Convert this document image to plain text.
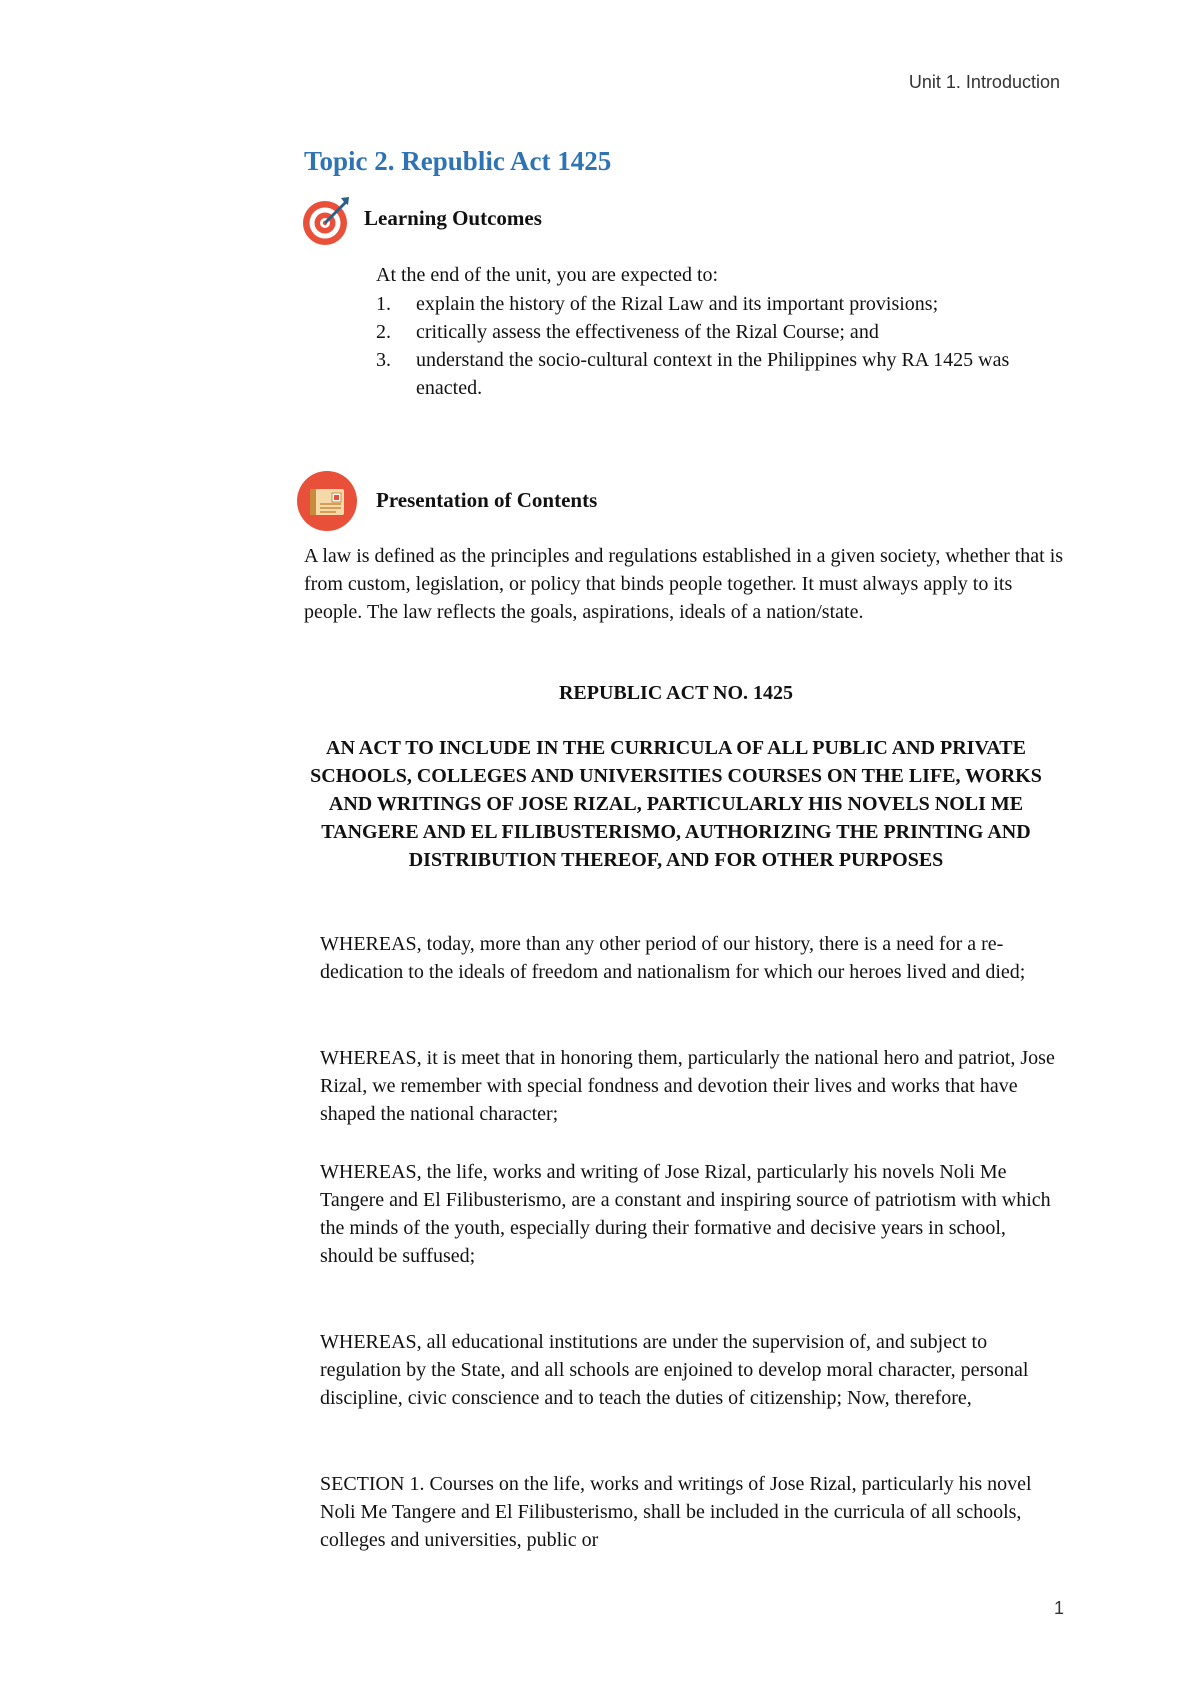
Unit 1. Introduction
Topic 2. Republic Act 1425
Learning Outcomes
At the end of the unit, you are expected to:
1. explain the history of the Rizal Law and its important provisions;
2. critically assess the effectiveness of the Rizal Course; and
3. understand the socio-cultural context in the Philippines why RA 1425 was enacted.
Presentation of Contents

A law is defined as the principles and regulations established in a given society, whether that is from custom, legislation, or policy that binds people together. It must always apply to its people. The law reflects the goals, aspirations, ideals of a nation/state.

REPUBLIC ACT NO. 1425
AN ACT TO INCLUDE IN THE CURRICULA OF ALL PUBLIC AND PRIVATE SCHOOLS, COLLEGES AND UNIVERSITIES COURSES ON THE LIFE, WORKS AND WRITINGS OF JOSE RIZAL, PARTICULARLY HIS NOVELS NOLI ME TANGERE AND EL FILIBUSTERISMO, AUTHORIZING THE PRINTING AND DISTRIBUTION THEREOF, AND FOR OTHER PURPOSES

WHEREAS, today, more than any other period of our history, there is a need for a re-dedication to the ideals of freedom and nationalism for which our heroes lived and died;

WHEREAS, it is meet that in honoring them, particularly the national hero and patriot, Jose Rizal, we remember with special fondness and devotion their lives and works that have shaped the national character;

WHEREAS, the life, works and writing of Jose Rizal, particularly his novels Noli Me Tangere and El Filibusterismo, are a constant and inspiring source of patriotism with which the minds of the youth, especially during their formative and decisive years in school, should be suffused;

WHEREAS, all educational institutions are under the supervision of, and subject to regulation by the State, and all schools are enjoined to develop moral character, personal discipline, civic conscience and to teach the duties of citizenship; Now, therefore,

SECTION 1. Courses on the life, works and writings of Jose Rizal, particularly his novel Noli Me Tangere and El Filibusterismo, shall be included in the curricula of all schools, colleges and universities, public or

1
